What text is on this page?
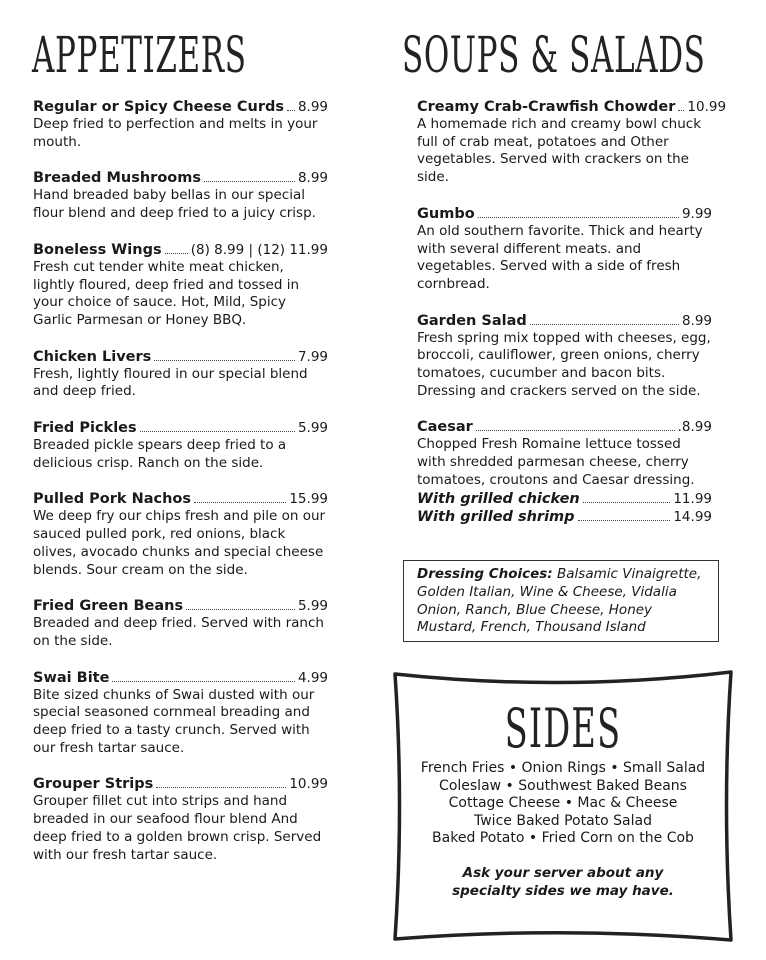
APPETIZERS	SOUPS & SALADS
Regular or Spicy Cheese Curds 8.99

Deep fried to perfection and melts in your mouth.

Breaded Mushrooms	8.99

Hand breaded baby bellas in our special flour blend and deep fried to a juicy crisp.

Boneless Wings (8) 8.99 | (12) 11.99

Fresh cut tender white meat chicken, lightly floured, deep fried and tossed in your choice of sauce. Hot, Mild, Spicy Garlic Parmesan or Honey BBQ.

Chicken Livers	7.99

Fresh, lightly floured in our special blend and deep fried.

Fried Pickles	5.99

Breaded pickle spears deep fried to a delicious crisp. Ranch on the side.

Pulled Pork Nachos	15.99

We deep fry our chips fresh and pile on our sauced pulled pork, red onions, black olives, avocado chunks and special cheese blends. Sour cream on the side.

Fried Green Beans	5.99

Breaded and deep fried. Served with ranch on the side.

Swai Bite	4.99

Bite sized chunks of Swai dusted with our special seasoned cornmeal breading and deep fried to a tasty crunch. Served with our fresh tartar sauce.

Grouper Strips	10.99

Grouper fillet cut into strips and hand breaded in our seafood flour blend And deep fried to a golden brown crisp. Served with our fresh tartar sauce.

Creamy Crab-Crawfish Chowder 10.99

A homemade rich and creamy bowl chuck full of crab meat, potatoes and Other vegetables. Served with crackers on the side.

Gumbo	9.99

An old southern favorite. Thick and hearty with several different meats. and vegetables. Served with a side of fresh cornbread.

Garden Salad	8.99

Fresh spring mix topped with cheeses, egg, broccoli, cauliflower, green onions, cherry tomatoes, cucumber and bacon bits. Dressing and crackers served on the side.

Caesar	.8.99

Chopped Fresh Romaine lettuce tossed with shredded parmesan cheese, cherry tomatoes, croutons and Caesar dressing.

With grilled chicken	11.99
With grilled shrimp	14.99
Dressing Choices: Balsamic Vinaigrette, Golden Italian, Wine & Cheese, Vidalia Onion, Ranch, Blue Cheese, Honey Mustard, French, Thousand Island
SIDES
French Fries • Onion Rings • Small Salad
Coleslaw • Southwest Baked Beans
Cottage Cheese • Mac & Cheese
Twice Baked Potato Salad
Baked Potato • Fried Corn on the Cob
Ask your server about any
specialty sides we may have.
